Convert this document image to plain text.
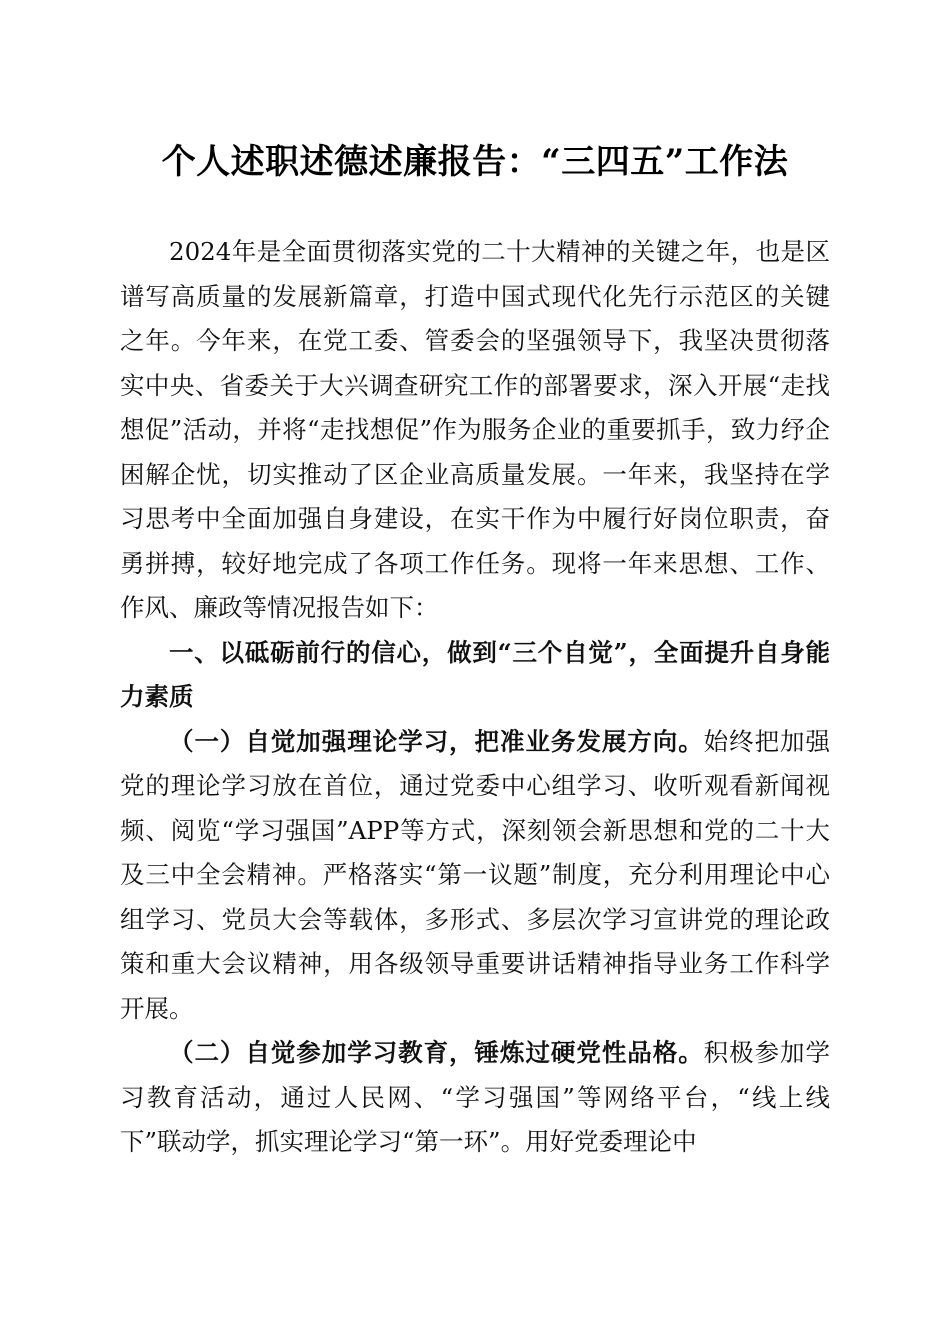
个人述职述德述廉报告：“三四五”工作法

2024年是全面贯彻落实党的二十大精神的关键之年，也是区谱写高质量的发展新篇章，打造中国式现代化先行示范区的关键之年。今年来，在党工委、管委会的坚强领导下，我坚决贯彻落实中央、省委关于大兴调查研究工作的部署要求，深入开展“走找想促”活动，并将“走找想促”作为服务企业的重要抓手，致力纾企困解企忧，切实推动了区企业高质量发展。一年来，我坚持在学习思考中全面加强自身建设，在实干作为中履行好岗位职责，奋勇拼搏，较好地完成了各项工作任务。现将一年来思想、工作、作风、廉政等情况报告如下：

一、以砥砺前行的信心，做到“三个自觉”，全面提升自身能力素质

（一）自觉加强理论学习，把准业务发展方向。始终把加强党的理论学习放在首位，通过党委中心组学习、收听观看新闻视频、阅览“学习强国”APP等方式，深刻领会新思想和党的二十大及三中全会精神。严格落实“第一议题”制度，充分利用理论中心组学习、党员大会等载体，多形式、多层次学习宣讲党的理论政策和重大会议精神，用各级领导重要讲话精神指导业务工作科学开展。

（二）自觉参加学习教育，锤炼过硬党性品格。积极参加学习教育活动，通过人民网、“学习强国”等网络平台，“线上线下”联动学，抓实理论学习“第一环”。用好党委理论中
